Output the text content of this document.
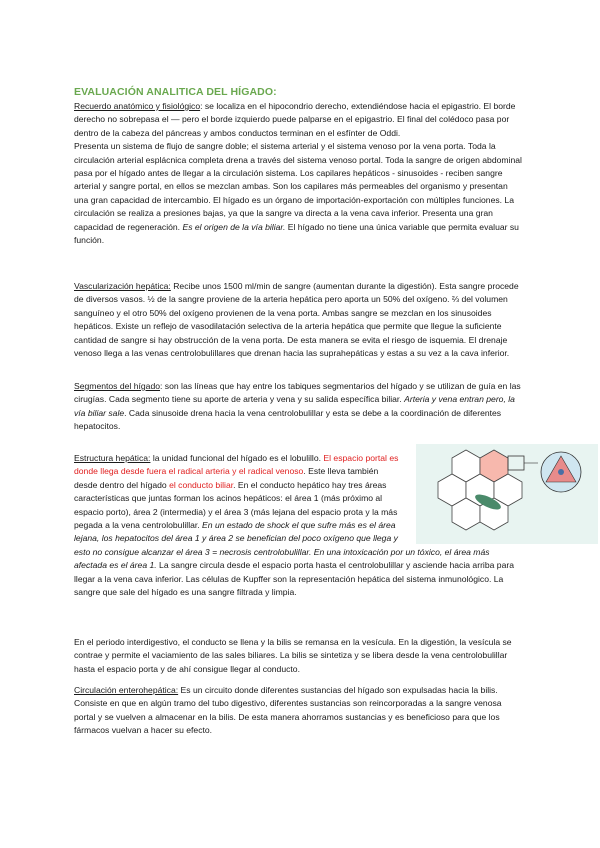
EVALUACIÓN ANALITICA DEL HÍGADO:

Recuerdo anatómico y fisiológico: se localiza en el hipocondrio derecho, extendiéndose hacia el epigastrio. El borde derecho no sobrepasa el — pero el borde izquierdo puede palparse en el epigastrio. El final del colédoco pasa por dentro de la cabeza del páncreas y ambos conductos terminan en el esfínter de Oddi.

Presenta un sistema de flujo de sangre doble; el sistema arterial y el sistema venoso por la vena porta. Toda la circulación arterial esplácnica completa drena a través del sistema venoso portal. Toda la sangre de origen abdominal pasa por el hígado antes de llegar a la circulación sistema. Los capilares hepáticos - sinusoides - reciben sangre arterial y sangre portal, en ellos se mezclan ambas. Son los capilares más permeables del organismo y presentan una gran capacidad de intercambio. El hígado es un órgano de importación-exportación con múltiples funciones. La circulación se realiza a presiones bajas, ya que la sangre va directa a la vena cava inferior. Presenta una gran capacidad de regeneración. Es el origen de la vía biliar. El hígado no tiene una única variable que permita evaluar su función.

Vascularización hepática: Recibe unos 1500 ml/min de sangre (aumentan durante la digestión). Esta sangre procede de diversos vasos. ½ de la sangre proviene de la arteria hepática pero aporta un 50% del oxígeno. ⅔ del volumen sanguíneo y el otro 50% del oxígeno provienen de la vena porta. Ambas sangre se mezclan en los sinusoides hepáticos. Existe un reflejo de vasodilatación selectiva de la arteria hepática que permite que llegue la suficiente cantidad de sangre si hay obstrucción de la vena porta. De esta manera se evita el riesgo de isquemia. El drenaje venoso llega a las venas centrolobulillares que drenan hacia las suprahepáticas y estas a su vez a la cava inferior.

Segmentos del hígado: son las líneas que hay entre los tabiques segmentarios del hígado y se utilizan de guía en las cirugías. Cada segmento tiene su aporte de arteria y vena y su salida específica biliar. Arteria y vena entran pero, la vía biliar sale. Cada sinusoide drena hacia la vena centrolobulillar y esta se debe a la coordinación de diferentes hepatocitos.

Estructura hepática: la unidad funcional del hígado es el lobulillo. El espacio portal es donde llega desde fuera el radical arteria y el radical venoso. Este lleva también desde dentro del hígado el conducto biliar. En el conducto hepático hay tres áreas características que juntas forman los acinos hepáticos: el área 1 (más próximo al espacio porto), área 2 (intermedia) y el área 3 (más lejana del espacio prota y la más pegada a la vena centrolobulillar. En un estado de shock el que sufre más es el área lejana, los hepatocitos del área 1 y área 2 se benefician del poco oxígeno que llega y esto no consigue alcanzar el área 3 = necrosis centrolobulillar. En una intoxicación por un tóxico, el área más afectada es el área 1. La sangre circula desde el espacio porta hasta el centrolobulillar y asciende hacia arriba para llegar a la vena cava inferior. Las células de Kupffer son la representación hepática del sistema inmunológico. La sangre que sale del hígado es una sangre filtrada y limpia.

En el periodo interdigestivo, el conducto se llena y la bilis se remansa en la vesícula. En la digestión, la vesícula se contrae y permite el vaciamiento de las sales biliares. La bilis se sintetiza y se libera desde la vena centrolobulillar hasta el espacio porta y de ahí consigue llegar al conducto.

Circulación enterohepática: Es un circuito donde diferentes sustancias del hígado son expulsadas hacia la bilis. Consiste en que en algún tramo del tubo digestivo, diferentes sustancias son reincorporadas a la sangre venosa portal y se vuelven a almacenar en la bilis. De esta manera ahorramos sustancias y es beneficioso para que los fármacos vuelvan a hacer su efecto.
